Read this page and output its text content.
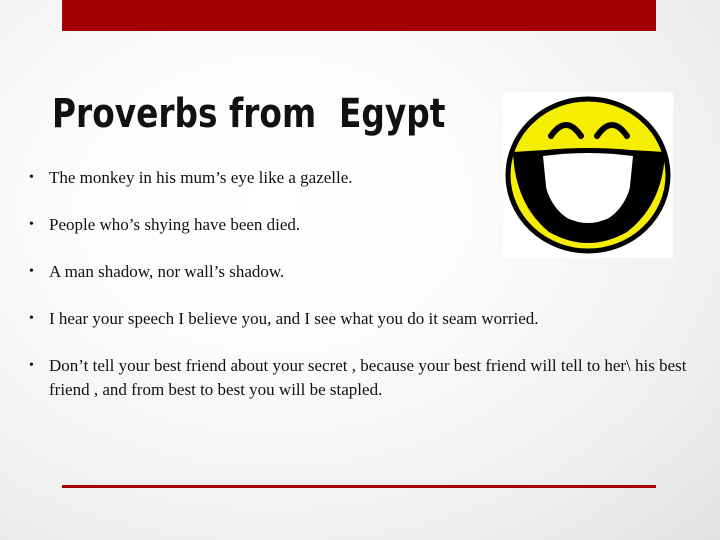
Proverbs from  Egypt
• The monkey in his mum’s eye like a gazelle.
• People who’s shying have been died.
• A man shadow, nor wall’s shadow.
• I hear your speech I believe you, and I see what you do it seam worried.
• Don’t tell your best friend about your secret , because your best friend will tell to her\ his best friend , and from best to best you will be stapled.
